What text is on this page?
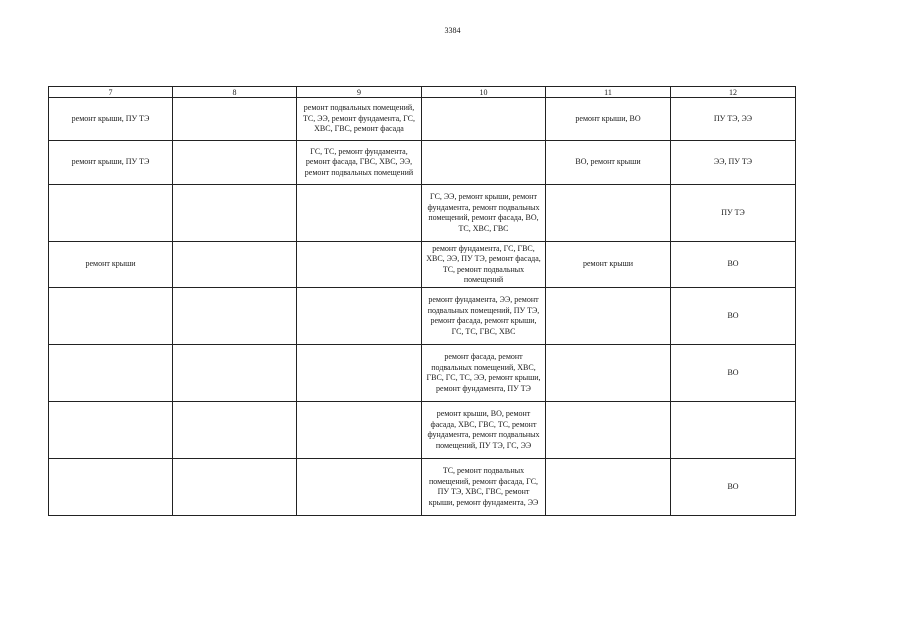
3384
7	8	9	10	11	12
ремонт крыши, ПУ ТЭ		ремонт подвальных помещений, ТС, ЭЭ, ремонт фундамента, ГС, ХВС, ГВС, ремонт фасада		ремонт крыши, ВО	ПУ ТЭ, ЭЭ
ремонт крыши, ПУ ТЭ		ГС, ТС, ремонт фундамента, ремонт фасада, ГВС, ХВС, ЭЭ, ремонт подвальных помещений		ВО, ремонт крыши	ЭЭ, ПУ ТЭ
			ГС, ЭЭ, ремонт крыши, ремонт фундамента, ремонт подвальных помещений, ремонт фасада, ВО, ТС, ХВС, ГВС		ПУ ТЭ
ремонт крыши			ремонт фундамента, ГС, ГВС, ХВС, ЭЭ, ПУ ТЭ, ремонт фасада, ТС, ремонт подвальных помещений	ремонт крыши	ВО
			ремонт фундамента, ЭЭ, ремонт подвальных помещений, ПУ ТЭ, ремонт фасада, ремонт крыши, ГС, ТС, ГВС, ХВС		ВО
			ремонт фасада, ремонт подвальных помещений, ХВС, ГВС, ГС, ТС, ЭЭ, ремонт крыши, ремонт фундамента, ПУ ТЭ		ВО
			ремонт крыши, ВО, ремонт фасада, ХВС, ГВС, ТС, ремонт фундамента, ремонт подвальных помещений, ПУ ТЭ, ГС, ЭЭ		
			ТС, ремонт подвальных помещений, ремонт фасада, ГС, ПУ ТЭ, ХВС, ГВС, ремонт крыши, ремонт фундамента, ЭЭ		ВО
